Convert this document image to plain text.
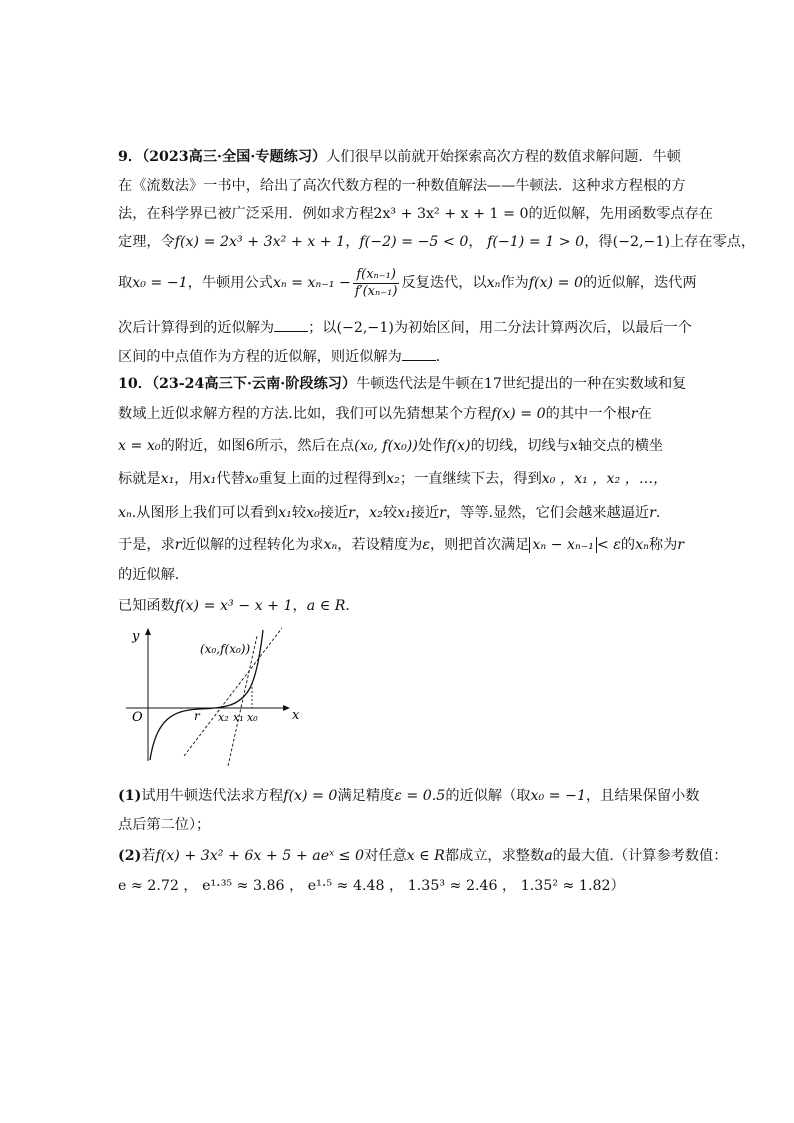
9．（2023高三·全国·专题练习）人们很早以前就开始探索高次方程的数值求解问题．牛顿
在《流数法》一书中，给出了高次代数方程的一种数值解法——牛顿法．这种求方程根的方
法，在科学界已被广泛采用．例如求方程2x³ + 3x² + x + 1 = 0的近似解，先用函数零点存在
定理，令f(x) = 2x³ + 3x² + x + 1，f(−2) = −5 < 0， f(−1) = 1 > 0，得(−2,−1)上存在零点，
取x₀ = −1，牛顿用公式$x_n = x_{n-1} - \frac{\text{f(xₙ₋₁)}}{\text{f′(xₙ₋₁)}}$ 反复迭代，以xₙ作为f(x) = 0的近似解，迭代两
次后计算得到的近似解为 ；以(−2,−1)为初始区间，用二分法计算两次后，以最后一个
区间的中点值作为方程的近似解，则近似解为 ．
10．（23-24高三下·云南·阶段练习）牛顿迭代法是牛顿在17世纪提出的一种在实数域和复
数域上近似求解方程的方法.比如，我们可以先猜想某个方程f(x) = 0的其中一个根r在
x = x₀的附近，如图6所示，然后在点(x₀, f(x₀))处作f(x)的切线，切线与x轴交点的横坐
标就是x₁，用x₁代替x₀重复上面的过程得到x₂；一直继续下去，得到x₀ ，x₁ ，x₂ ，…，
xₙ.从图形上我们可以看到x₁较x₀接近r，x₂较x₁接近r，等等.显然，它们会越来越逼近r.
于是，求r近似解的过程转化为求xₙ，若设精度为ε，则把首次满足 xₙ − xₙ₋₁ < ε的xₙ称为r
的近似解.
已知函数f(x) = x³ − x + 1，a ∈ R．
y
x
O
(x₀,f(x₀))
r x₂ x₁ x₀
(1)试用牛顿迭代法求方程f(x) = 0满足精度ε = 0.5的近似解（取x₀ = −1，且结果保留小数
点后第二位）；
(2)若f(x) + 3x² + 6x + 5 + aeˣ ≤ 0对任意x ∈ R都成立，求整数a的最大值.（计算参考数值：
e ≈ 2.72 ， e¹·³⁵ ≈ 3.86 ， e¹·⁵ ≈ 4.48 ， 1.35³ ≈ 2.46 ， 1.35² ≈ 1.82）
